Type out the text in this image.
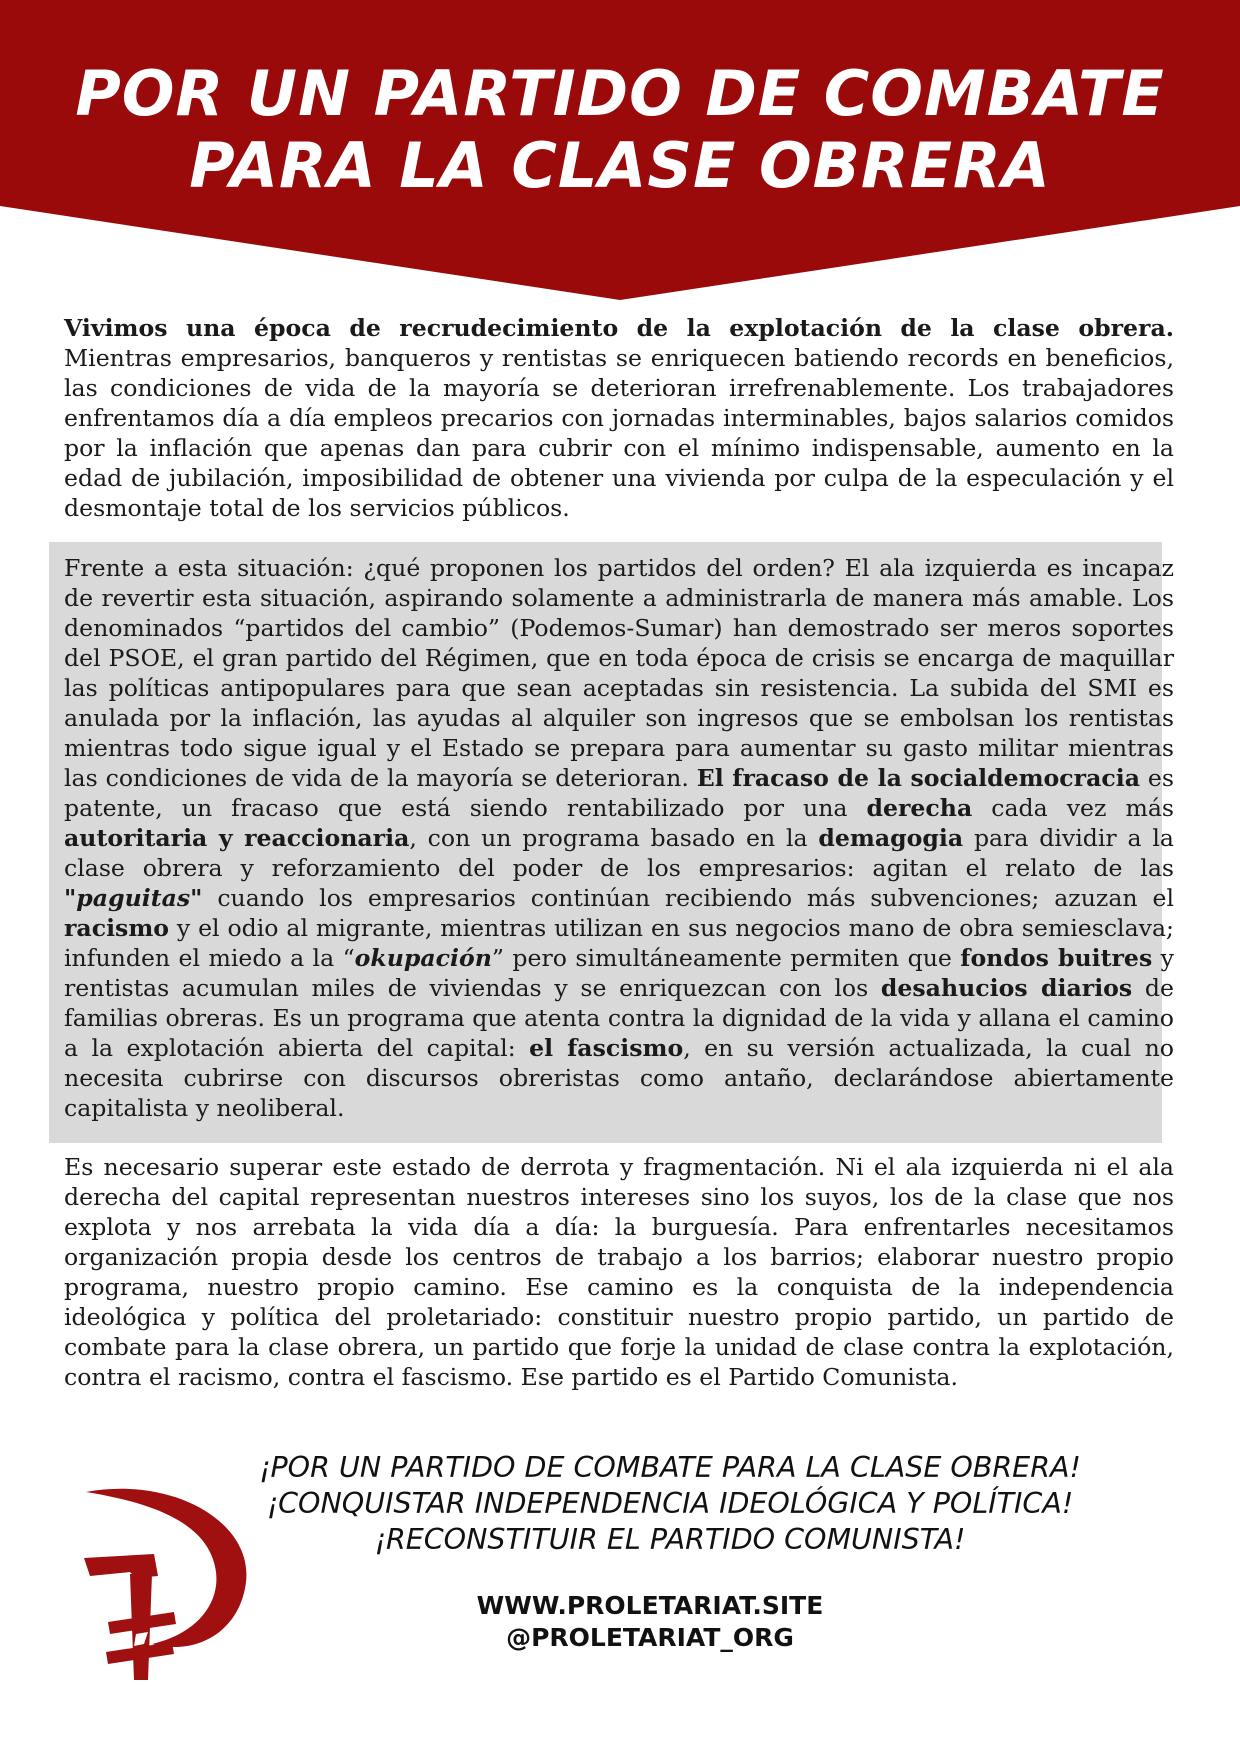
POR UN PARTIDO DE COMBATE
PARA LA CLASE OBRERA
Vivimos una época de recrudecimiento de la explotación de la clase obrera. Mientras empresarios, banqueros y rentistas se enriquecen batiendo records en beneficios, las condiciones de vida de la mayoría se deterioran irrefrenablemente. Los trabajadores enfrentamos día a día empleos precarios con jornadas interminables, bajos salarios comidos por la inflación que apenas dan para cubrir con el mínimo indispensable, aumento en la edad de jubilación, imposibilidad de obtener una vivienda por culpa de la especulación y el desmontaje total de los servicios públicos.
Frente a esta situación: ¿qué proponen los partidos del orden? El ala izquierda es incapaz de revertir esta situación, aspirando solamente a administrarla de manera más amable. Los denominados “partidos del cambio” (Podemos-Sumar) han demostrado ser meros soportes del PSOE, el gran partido del Régimen, que en toda época de crisis se encarga de maquillar las políticas antipopulares para que sean aceptadas sin resistencia. La subida del SMI es anulada por la inflación, las ayudas al alquiler son ingresos que se embolsan los rentistas mientras todo sigue igual y el Estado se prepara para aumentar su gasto militar mientras las condiciones de vida de la mayoría se deterioran. El fracaso de la socialdemocracia es patente, un fracaso que está siendo rentabilizado por una derecha cada vez más autoritaria y reaccionaria, con un programa basado en la demagogia para dividir a la clase obrera y reforzamiento del poder de los empresarios: agitan el relato de las "paguitas" cuando los empresarios continúan recibiendo más subvenciones; azuzan el racismo y el odio al migrante, mientras utilizan en sus negocios mano de obra semiesclava; infunden el miedo a la “okupación” pero simultáneamente permiten que fondos buitres y rentistas acumulan miles de viviendas y se enriquezcan con los desahucios diarios de familias obreras. Es un programa que atenta contra la dignidad de la vida y allana el camino a la explotación abierta del capital: el fascismo, en su versión actualizada, la cual no necesita cubrirse con discursos obreristas como antaño, declarándose abiertamente capitalista y neoliberal.
Es necesario superar este estado de derrota y fragmentación. Ni el ala izquierda ni el ala derecha del capital representan nuestros intereses sino los suyos, los de la clase que nos explota y nos arrebata la vida día a día: la burguesía. Para enfrentarles necesitamos organización propia desde los centros de trabajo a los barrios; elaborar nuestro propio programa, nuestro propio camino. Ese camino es la conquista de la independencia ideológica y política del proletariado: constituir nuestro propio partido, un partido de combate para la clase obrera, un partido que forje la unidad de clase contra la explotación, contra el racismo, contra el fascismo. Ese partido es el Partido Comunista.
¡POR UN PARTIDO DE COMBATE PARA LA CLASE OBRERA!
¡CONQUISTAR INDEPENDENCIA IDEOLÓGICA Y POLÍTICA!
¡RECONSTITUIR EL PARTIDO COMUNISTA!
WWW.PROLETARIAT.SITE
@PROLETARIAT_ORG
